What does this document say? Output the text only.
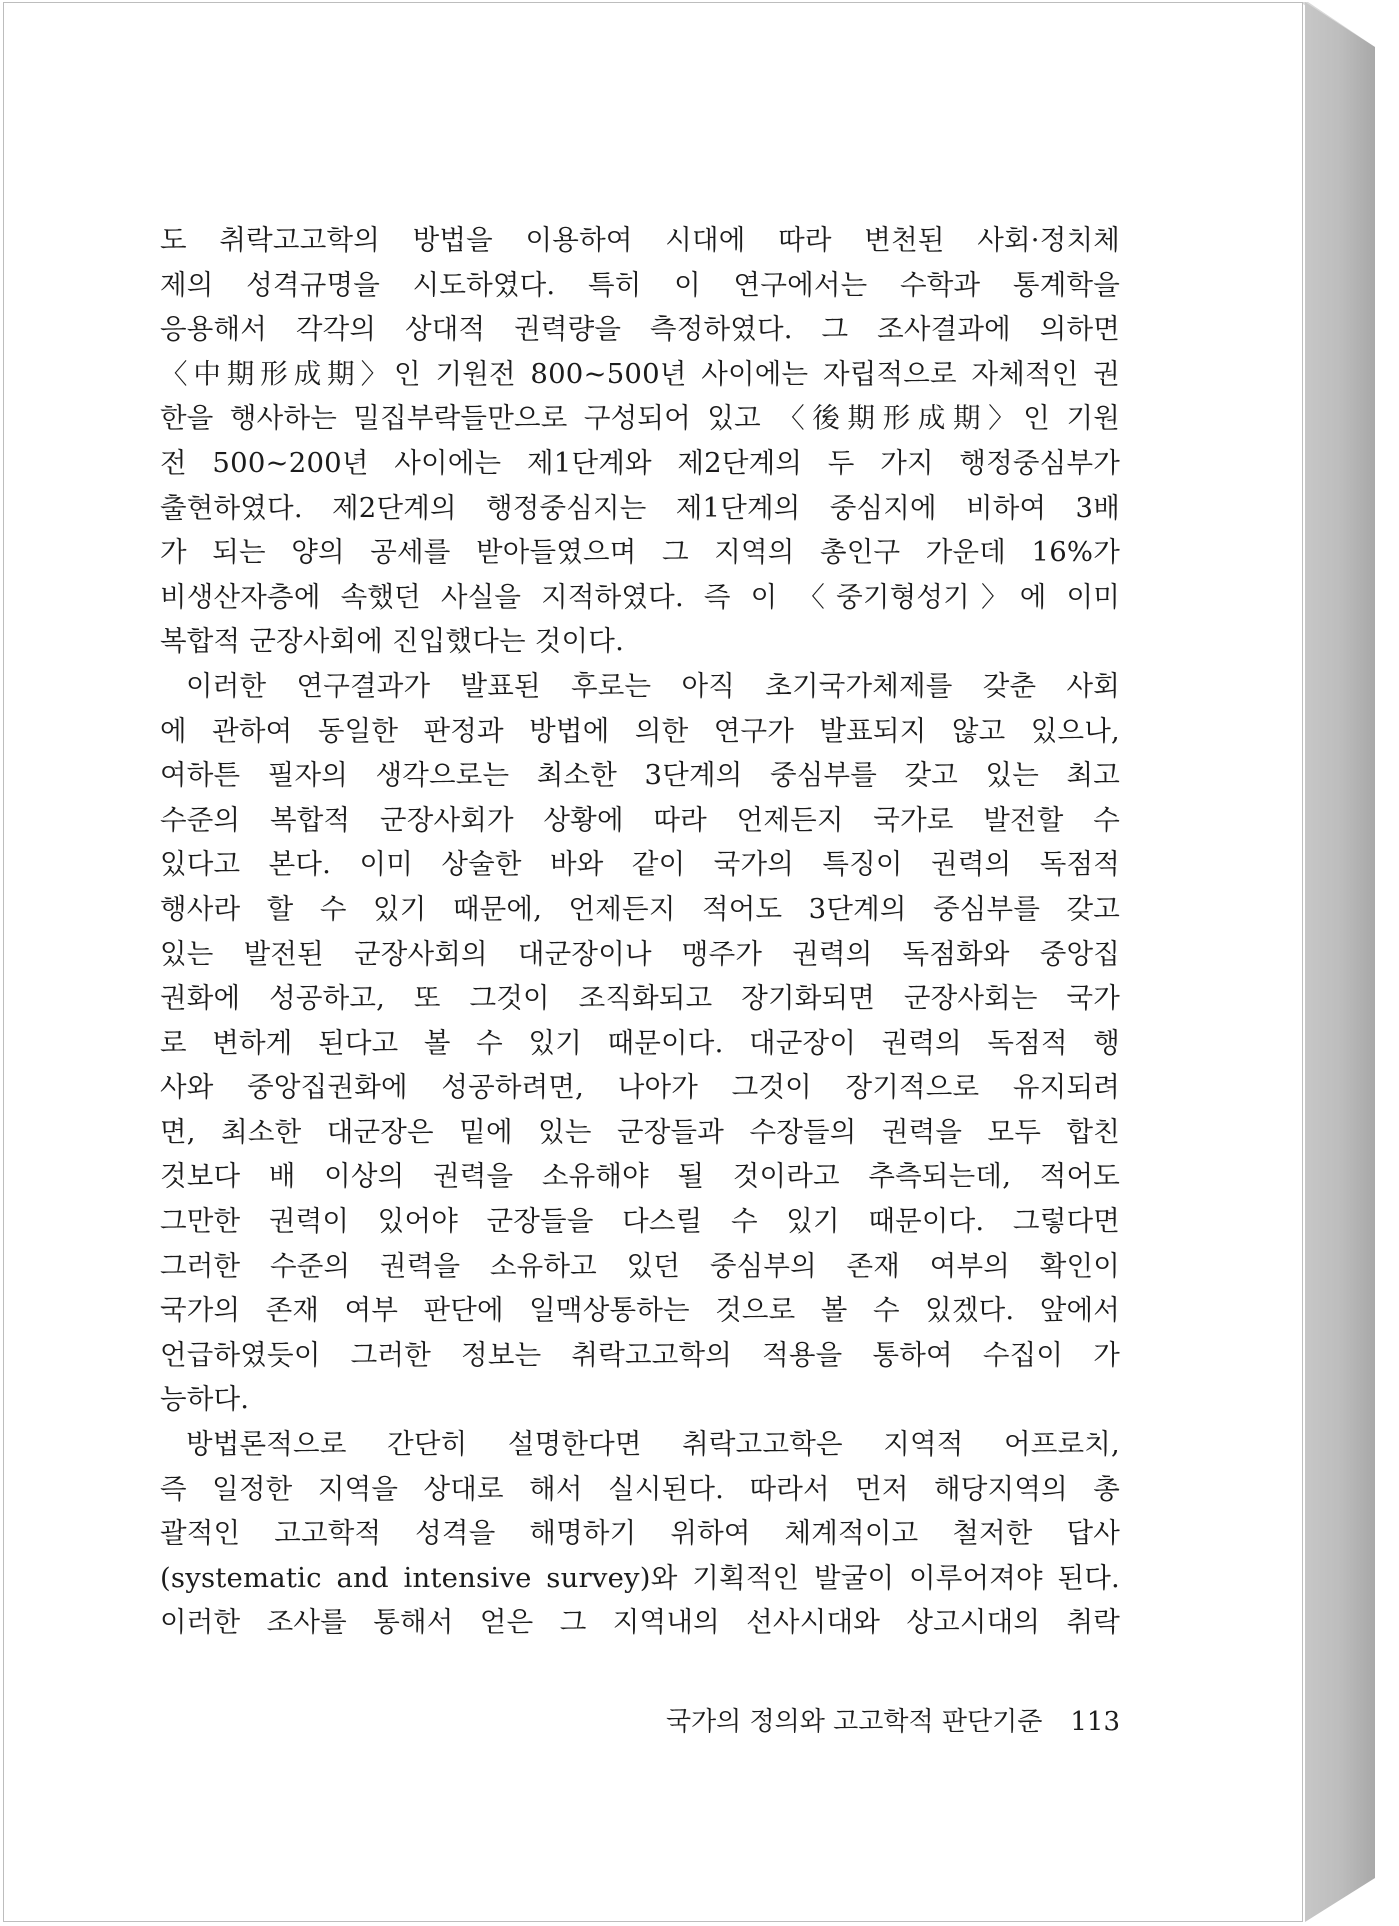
도 취락고고학의 방법을 이용하여 시대에 따라 변천된 사회·정치체
제의 성격규명을 시도하였다. 특히 이 연구에서는 수학과 통계학을
응용해서 각각의 상대적 권력량을 측정하였다. 그 조사결과에 의하면
〈中期形成期〉인 기원전 800~500년 사이에는 자립적으로 자체적인 권
한을 행사하는 밀집부락들만으로 구성되어 있고 〈後期形成期〉인 기원
전 500~200년 사이에는 제1단계와 제2단계의 두 가지 행정중심부가
출현하였다. 제2단계의 행정중심지는 제1단계의 중심지에 비하여 3배
가 되는 양의 공세를 받아들였으며 그 지역의 총인구 가운데 16%가
비생산자층에 속했던 사실을 지적하였다. 즉 이 〈중기형성기〉에 이미
복합적 군장사회에 진입했다는 것이다.
이러한 연구결과가 발표된 후로는 아직 초기국가체제를 갖춘 사회
에 관하여 동일한 판정과 방법에 의한 연구가 발표되지 않고 있으나,
여하튼 필자의 생각으로는 최소한 3단계의 중심부를 갖고 있는 최고
수준의 복합적 군장사회가 상황에 따라 언제든지 국가로 발전할 수
있다고 본다. 이미 상술한 바와 같이 국가의 특징이 권력의 독점적
행사라 할 수 있기 때문에, 언제든지 적어도 3단계의 중심부를 갖고
있는 발전된 군장사회의 대군장이나 맹주가 권력의 독점화와 중앙집
권화에 성공하고, 또 그것이 조직화되고 장기화되면 군장사회는 국가
로 변하게 된다고 볼 수 있기 때문이다. 대군장이 권력의 독점적 행
사와 중앙집권화에 성공하려면, 나아가 그것이 장기적으로 유지되려
면, 최소한 대군장은 밑에 있는 군장들과 수장들의 권력을 모두 합친
것보다 배 이상의 권력을 소유해야 될 것이라고 추측되는데, 적어도
그만한 권력이 있어야 군장들을 다스릴 수 있기 때문이다. 그렇다면
그러한 수준의 권력을 소유하고 있던 중심부의 존재 여부의 확인이
국가의 존재 여부 판단에 일맥상통하는 것으로 볼 수 있겠다. 앞에서
언급하였듯이 그러한 정보는 취락고고학의 적용을 통하여 수집이 가
능하다.
방법론적으로 간단히 설명한다면 취락고고학은 지역적 어프로치,
즉 일정한 지역을 상대로 해서 실시된다. 따라서 먼저 해당지역의 총
괄적인 고고학적 성격을 해명하기 위하여 체계적이고 철저한 답사
(systematic and intensive survey)와 기획적인 발굴이 이루어져야 된다.
이러한 조사를 통해서 얻은 그 지역내의 선사시대와 상고시대의 취락
국가의 정의와 고고학적 판단기준 113
